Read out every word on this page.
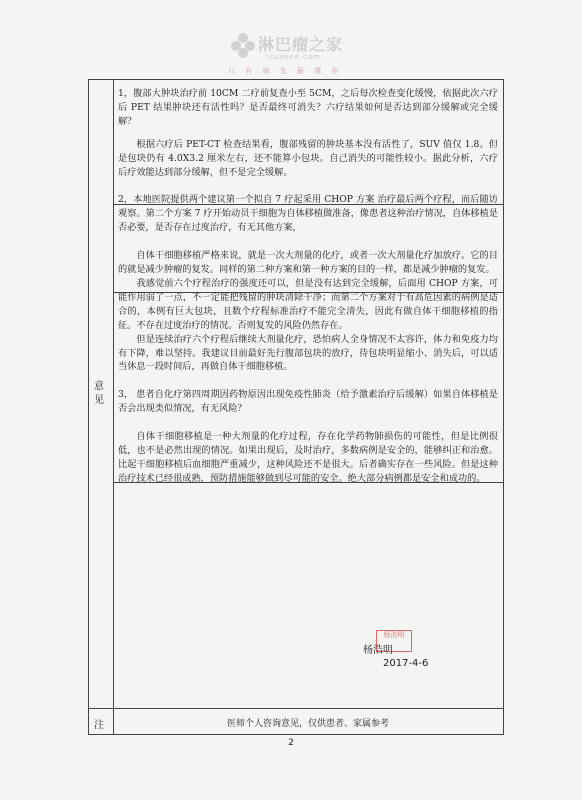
淋巴瘤之家
lcuseee.com
只 有 病 友 最 懂 你
意见

1，腹部大肿块治疗前 10CM 二疗前复查小至 5CM，之后每次检查变化缓慢，依据此次六疗后 PET 结果肿块还有活性吗？是否最终可消失？六疗结果如何是否达到部分缓解或完全缓解？

根据六疗后 PET-CT 检查结果看，腹部残留的肿块基本没有活性了，SUV 值仅 1.8。但是包块仍有 4.0X3.2 厘米左右，还不能算小包块。自己消失的可能性较小。据此分析，六疗后疗效能达到部分缓解，但不是完全缓解。

2，本地医院提供两个建议第一个拟自 7 疗起采用 CHOP 方案 治疗最后两个疗程，而后随访观察。第二个方案 7 疗开始动员干细胞为自体移植做准备，像患者这种治疗情况，自体移植是否必要，是否存在过度治疗，有无其他方案，

自体干细胞移植严格来说，就是一次大剂量的化疗，或者一次大剂量化疗加放疗。它的目的就是减少肿瘤的复发。同样的第二种方案和第一种方案的目的一样，都是减少肿瘤的复发。

我感觉前六个疗程治疗的强度还可以，但是没有达到完全缓解，后面用 CHOP 方案，可能作用弱了一点，不一定能把残留的肿块清除干净；而第二个方案对于有高危因素的病例是适合的，本例有巨大包块，且数个疗程标准治疗不能完全清失，因此有做自体干细胞移植的指征。不存在过度治疗的情况。否则复发的风险仍然存在。

但是连续治疗六个疗程后继续大剂量化疗，恐怕病人全身情况不太容许，体力和免疫力均有下降，难以坚持。我建议目前最好先行腹部包块的放疗，待包块明显缩小、消失后，可以适当休息一段时间后，再做自体干细胞移植。

3， 患者自化疗第四周期因药物原因出现免疫性肺炎（给予激素治疗后缓解）如果自体移植是否会出现类似情况，有无风险？

自体干细胞移植是一种大剂量的化疗过程，存在化学药物肺损伤的可能性，但是比例很低，也不是必然出现的情况。如果出现后，及时治疗，多数病例是安全的，能够纠正和治愈。比起干细胞移植后血细胞严重减少，这种风险还不是很大。后者确实存在一些风险。但是这种治疗技术已经很成熟，预防措施能够做到尽可能的安全。绝大部分病例都是安全和成功的。

杨浩明
杨浩明
2017-4-6
注	医师个人咨询意见，仅供患者、家属参考
2
